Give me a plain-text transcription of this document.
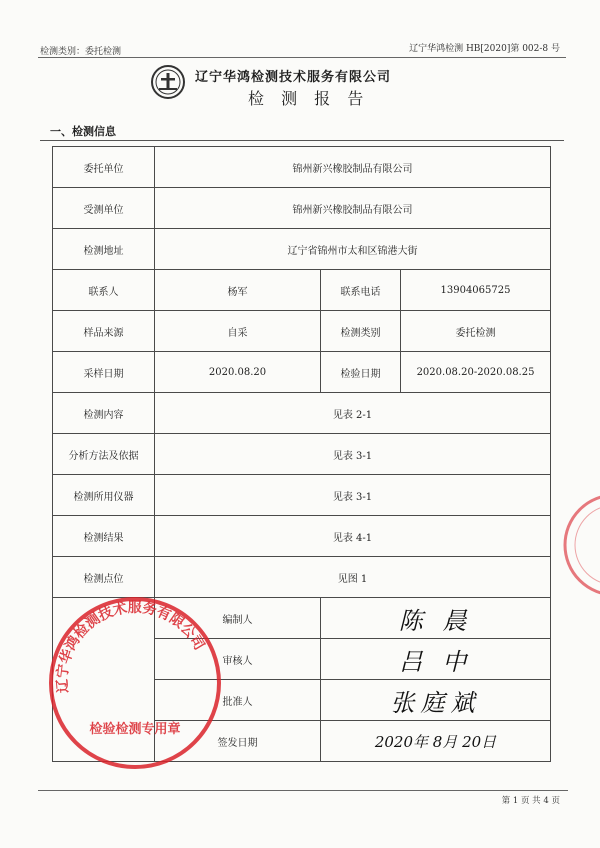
检测类别：委托检测	辽宁华鸿检测 HB[2020]第 002-8 号
辽宁华鸿检测技术服务有限公司
检 测 报 告
一、检测信息
委托单位	锦州新兴橡胶制品有限公司		
受测单位	锦州新兴橡胶制品有限公司		
检测地址	辽宁省锦州市太和区锦港大街		
联系人	杨军	联系电话	13904065725
样品来源	自采	检测类别	委托检测
采样日期	2020.08.20	检验日期	2020.08.20-2020.08.25
检测内容	见表 2-1		
分析方法及依据	见表 3-1		
检测所用仪器	见表 3-1		
检测结果	见表 4-1		
检测点位	见图 1		
	编制人	陈 晨	
	审核人	吕 中	
	批准人	张庭斌	
	签发日期	2020年 8月 20日	
辽宁华鸿检测技术服务有限公司
检验检测专用章
第 1 页 共 4 页
